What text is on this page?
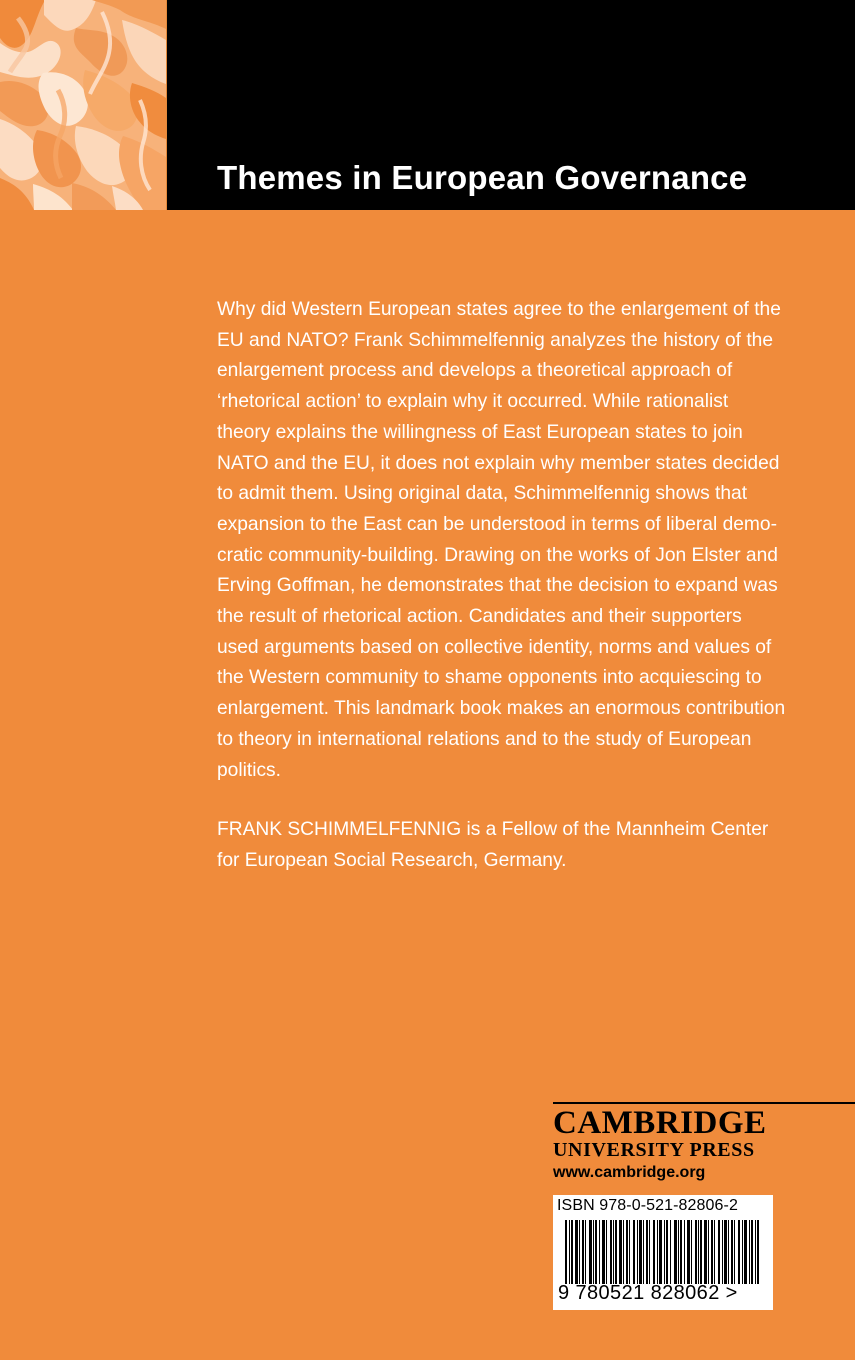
Themes in European Governance

Why did Western European states agree to the enlargement of the
EU and NATO? Frank Schimmelfennig analyzes the history of the
enlargement process and develops a theoretical approach of
‘rhetorical action’ to explain why it occurred. While rationalist
theory explains the willingness of East European states to join
NATO and the EU, it does not explain why member states decided
to admit them. Using original data, Schimmelfennig shows that
expansion to the East can be understood in terms of liberal demo-
cratic community-building. Drawing on the works of Jon Elster and
Erving Goffman, he demonstrates that the decision to expand was
the result of rhetorical action. Candidates and their supporters
used arguments based on collective identity, norms and values of
the Western community to shame opponents into acquiescing to
enlargement. This landmark book makes an enormous contribution
to theory in international relations and to the study of European
politics.

FRANK SCHIMMELFENNIG is a Fellow of the Mannheim Center
for European Social Research, Germany.

CAMBRIDGE
UNIVERSITY PRESS
www.cambridge.org
ISBN 978-0-521-82806-2
9 780521 828062 >
